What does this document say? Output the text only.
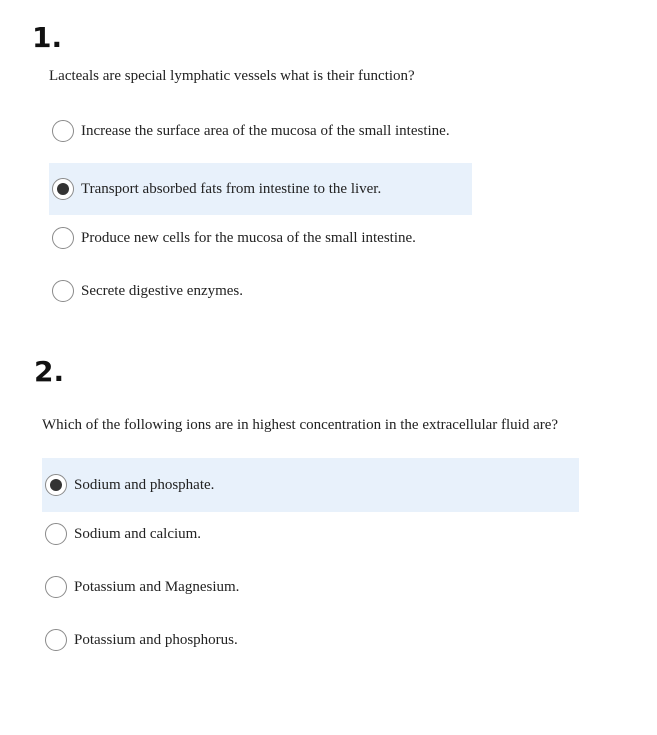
1.

Lacteals are special lymphatic vessels what is their function?

Increase the surface area of the mucosa of the small intestine.
Transport absorbed fats from intestine to the liver.
Produce new cells for the mucosa of the small intestine.
Secrete digestive enzymes.
2.

Which of the following ions are in highest concentration in the extracellular fluid are?

Sodium and phosphate.
Sodium and calcium.
Potassium and Magnesium.
Potassium and phosphorus.
